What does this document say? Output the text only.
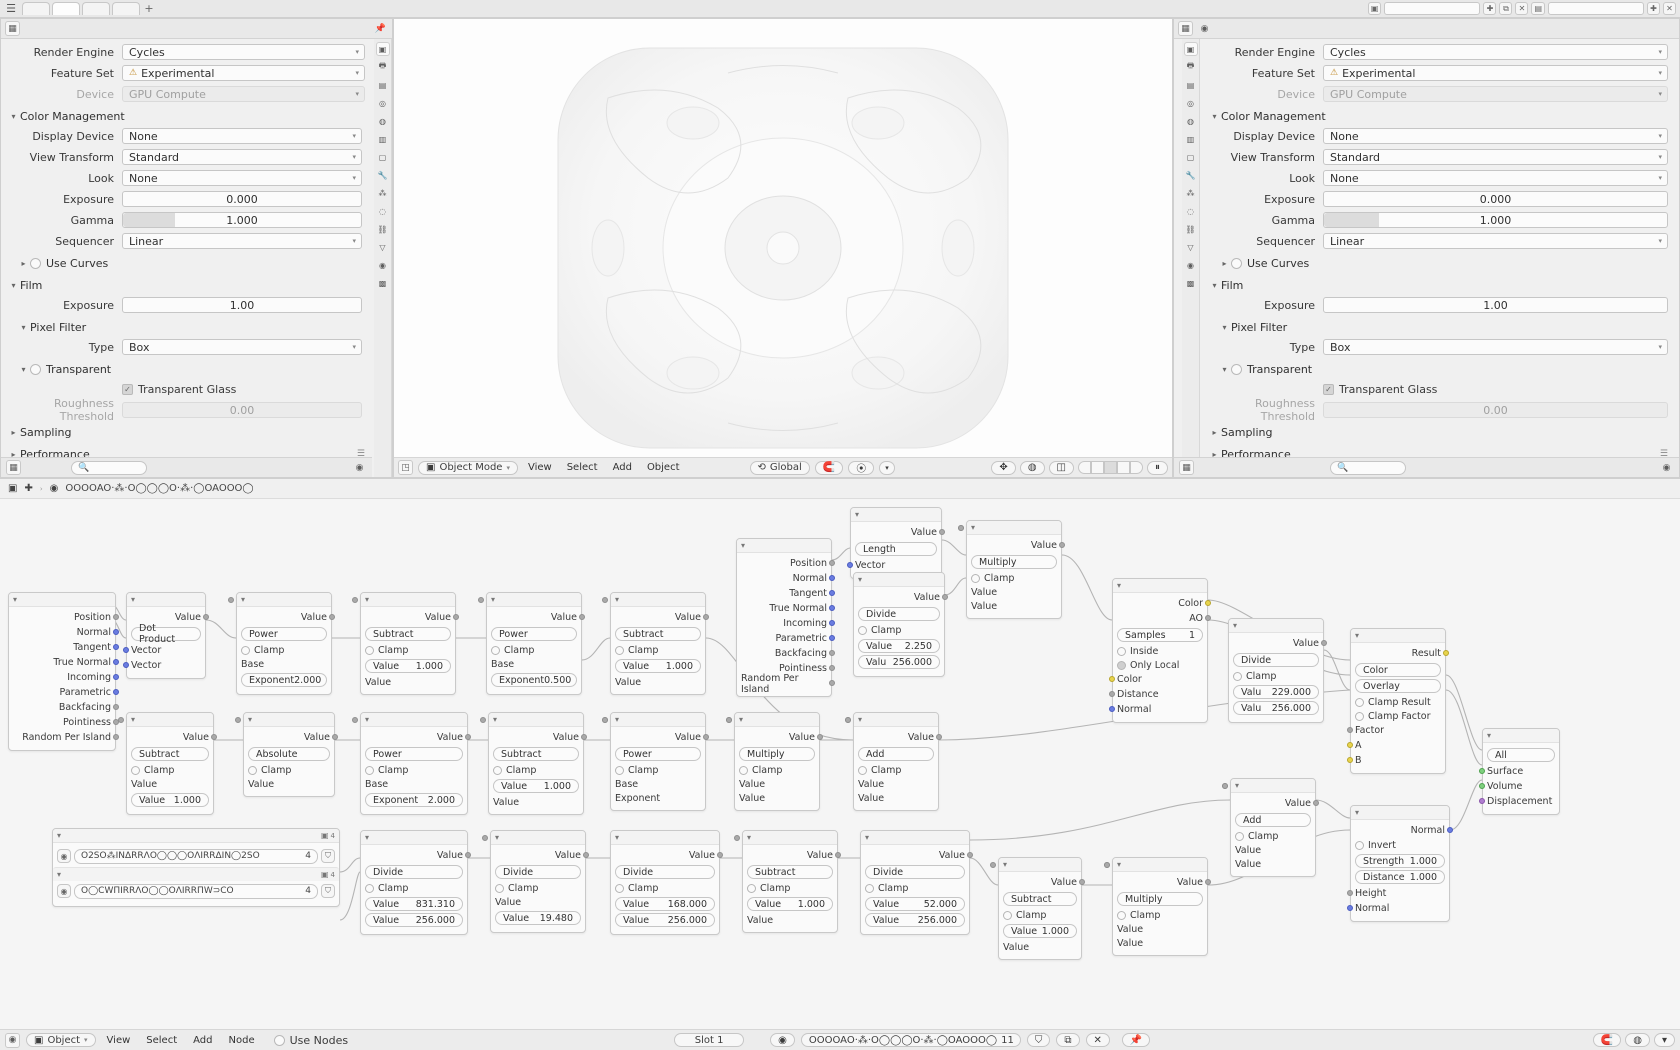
☰	+	▣	✚	⧉	✕	▤	✚	✕
▦	📌
▣
🖶
▤
◎
◍
▥
▢
🔧
⁂
◌
⛓
▽
◉
▩
Render Engine	Cycles	▾
Feature Set	⚠ Experimental	▾
Device	GPU Compute	▾
▾ Color Management
Display Device	None	▾
View Transform	Standard	▾
Look	None	▾
Exposure	0.000
Gamma	1.000
Sequencer	Linear	▾
▸	Use Curves
▾ Film
Exposure	1.00
▾ Pixel Filter
Type	Box	▾
▾	Transparent
✓
Transparent Glass
Roughness Threshold	0.00
▸ Sampling
▸ Performance	☰
▦	🔍	◉	◳	▣ Object Mode ▾	View	Select	Add	Object	⟲ Global 🧲 ⦿	▾	✥ ◍ ◫	⏸
▦	◉
▣
🖶
▤
◎
◍
▥
▢
🔧
⁂
◌
⛓
▽
◉
▩
Render Engine	Cycles	▾
Feature Set	⚠ Experimental	▾
Device	GPU Compute	▾
▾ Color Management
Display Device	None	▾
View Transform	Standard	▾
Look	None	▾
Exposure	0.000
Gamma	1.000
Sequencer	Linear	▾
▸	Use Curves
▾ Film
Exposure	1.00
▾ Pixel Filter
Type	Box	▾
▾	Transparent
✓
Transparent Glass
Roughness Threshold	0.00
▸ Sampling
▸ Performance	☰
▦	🔍	◉
▣ ✚ › ◉ OOOOAO·⁂·O◯◯◯O·⁂·◯OAOOO◯
▾
Position
Normal
Tangent
True Normal
Incoming
Parametric
Backfacing
Pointiness
Random Per Island
▾
Value
Dot Product
Vector
Vector
▾
Value
Power
Clamp
Base
Exponent 2.000
▾
Value
Subtract
Clamp
Value 1.000
Value
▾
Value
Power
Clamp
Base
Exponent 0.500
▾
Value
Subtract
Clamp
Value 1.000
Value
▾
Position
Normal
Tangent
True Normal
Incoming
Parametric
Backfacing
Pointiness
Random Per Island
▾
Value
Length
Vector
▾
Value
Divide
Clamp
Value 2.250
Valu 256.000
▾
Value
Multiply
Clamp
Value
Value
▾
Color
AO
Samples 1
Inside
Only Local
Color
Distance
Normal
▾
Value
Divide
Clamp
Valu 229.000
Valu 256.000
▾
Result
Color
Overlay
Clamp Result
Clamp Factor
Factor
A
B
▾
All
Surface
Volume
Displacement
▾
Value
Subtract
Clamp
Value
Value 1.000
▾
Value
Absolute
Clamp
Value
▾
Value
Power
Clamp
Base
Exponent 2.000
▾
Value
Subtract
Clamp
Value 1.000
Value
▾
Value
Power
Clamp
Base
Exponent
▾
Value
Multiply
Clamp
Value
Value
▾
Value
Add
Clamp
Value
Value
▾
Value
Add
Clamp
Value
Value
▾
Normal
Invert
Strength 1.000
Distance 1.000
Height
Normal
▾
Value
Divide
Clamp
Value 831.310
Value 256.000
▾
Value
Divide
Clamp
Value
Value 19.480
▾
Value
Divide
Clamp
Value 168.000
Value 256.000
▾
Value
Subtract
Clamp
Value 1.000
Value
▾
Value
Divide
Clamp
Value	52.000
Value 256.000
▾
Value
Subtract
Clamp
Value 1.000
Value
▾
Value
Multiply
Clamp
Value
Value
▾	▣ 4
◉	O2SO⁂INΔRRΛO◯◯◯OΛIRRΔIN◯2SO	4	⛉
▾	▣ 4
◉	O◯CWΠIRRΛO◯◯OΛIRRΠW⊃CO	4	⛉
◉	▣ Object ▾	View	Select	Add	Node	Use Nodes	Slot 1	◉ OOOOAO·⁂·O◯◯◯O·⁂·◯OAOOO◯ 11 ⛉ ⧉ ✕	📌	🧲 ◍ ▾
